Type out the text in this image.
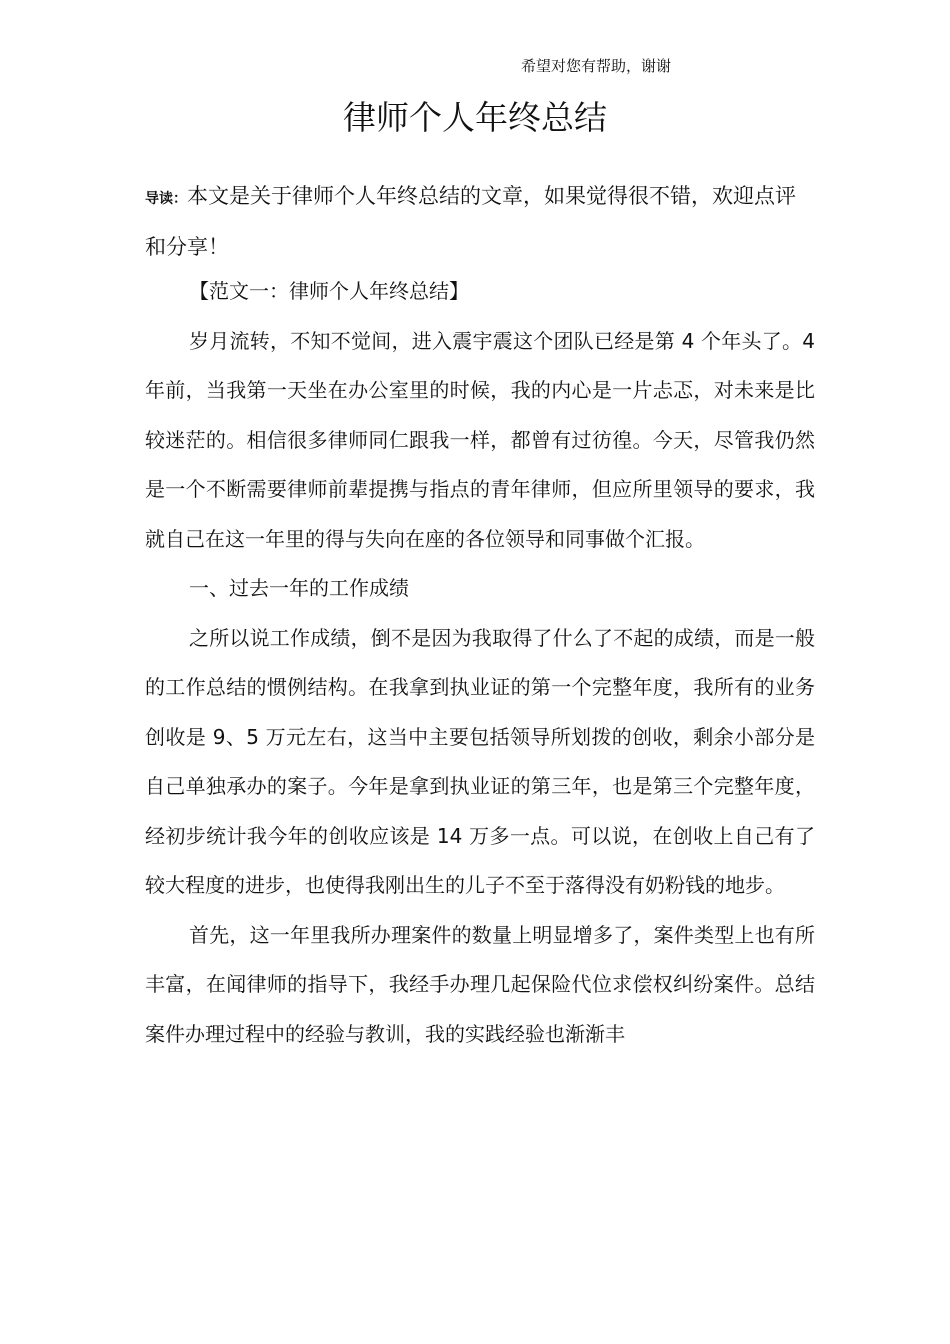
希望对您有帮助，谢谢
律师个人年终总结
导读：本文是关于律师个人年终总结的文章，如果觉得很不错，欢迎点评和分享！

【范文一：律师个人年终总结】

岁月流转，不知不觉间，进入震宇震这个团队已经是第 4 个年头了。4 年前，当我第一天坐在办公室里的时候，我的内心是一片忐忑，对未来是比较迷茫的。相信很多律师同仁跟我一样，都曾有过彷徨。今天，尽管我仍然是一个不断需要律师前辈提携与指点的青年律师，但应所里领导的要求，我就自己在这一年里的得与失向在座的各位领导和同事做个汇报。

一、过去一年的工作成绩

之所以说工作成绩，倒不是因为我取得了什么了不起的成绩，而是一般的工作总结的惯例结构。在我拿到执业证的第一个完整年度，我所有的业务创收是 9、5 万元左右，这当中主要包括领导所划拨的创收，剩余小部分是自己单独承办的案子。今年是拿到执业证的第三年，也是第三个完整年度，经初步统计我今年的创收应该是 14 万多一点。可以说，在创收上自己有了较大程度的进步，也使得我刚出生的儿子不至于落得没有奶粉钱的地步。

首先，这一年里我所办理案件的数量上明显增多了，案件类型上也有所丰富，在闻律师的指导下，我经手办理几起保险代位求偿权纠纷案件。总结案件办理过程中的经验与教训，我的实践经验也渐渐丰
